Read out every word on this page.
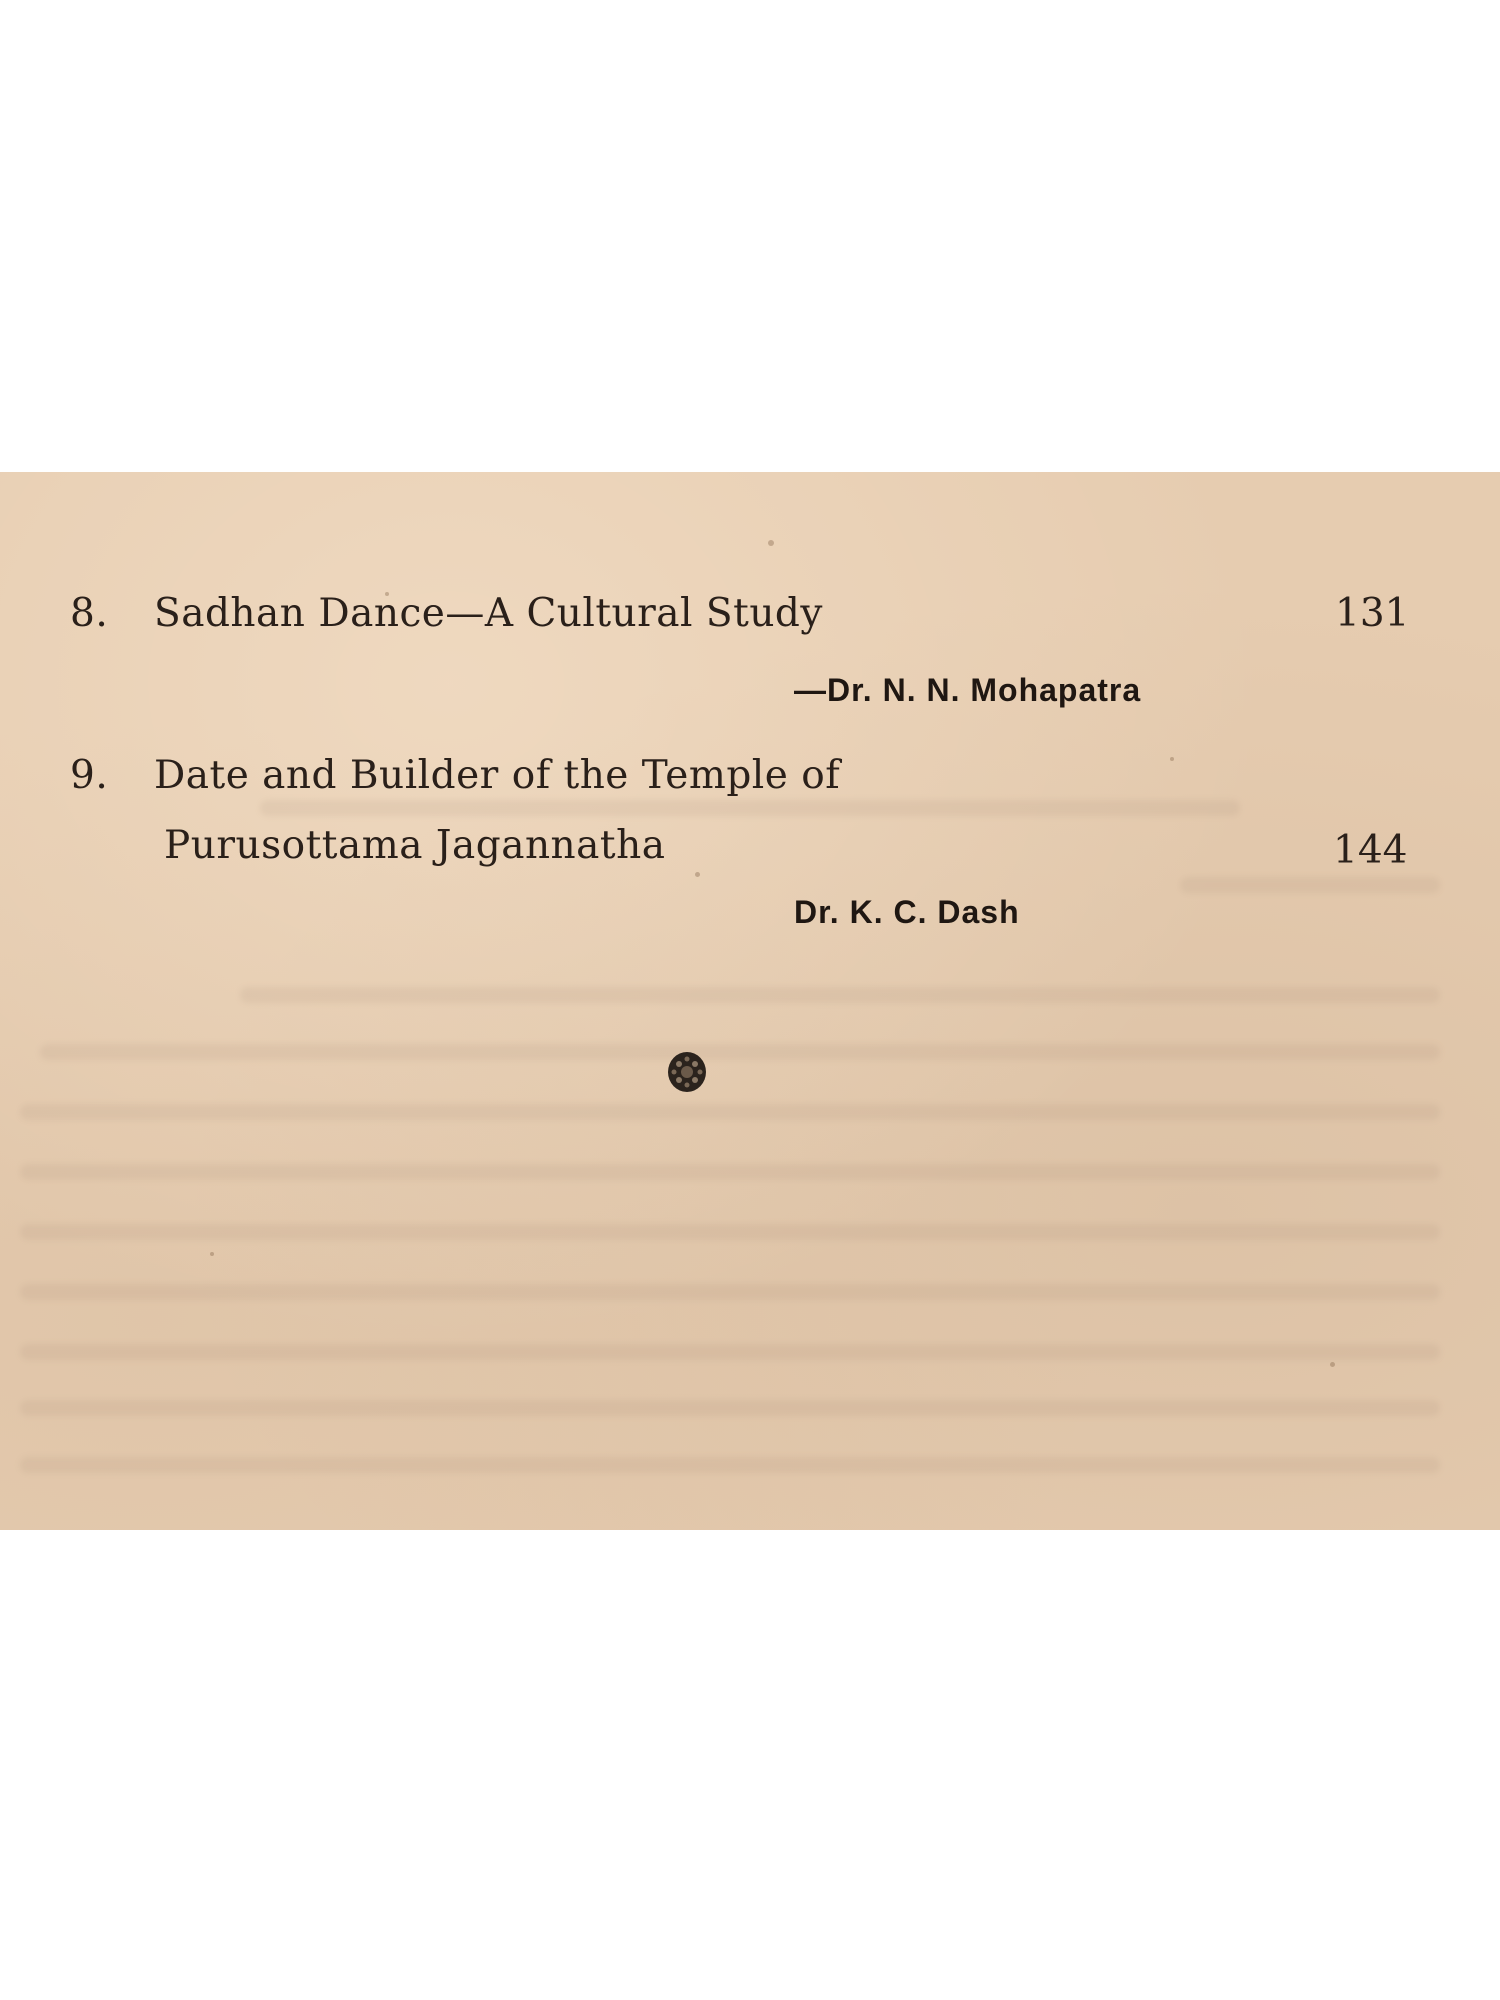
8. Sadhan Dance—A Cultural Study	131
—Dr. N. N. Mohapatra
9. Date and Builder of the Temple of
Purusottama Jagannatha	144
Dr. K. C. Dash
